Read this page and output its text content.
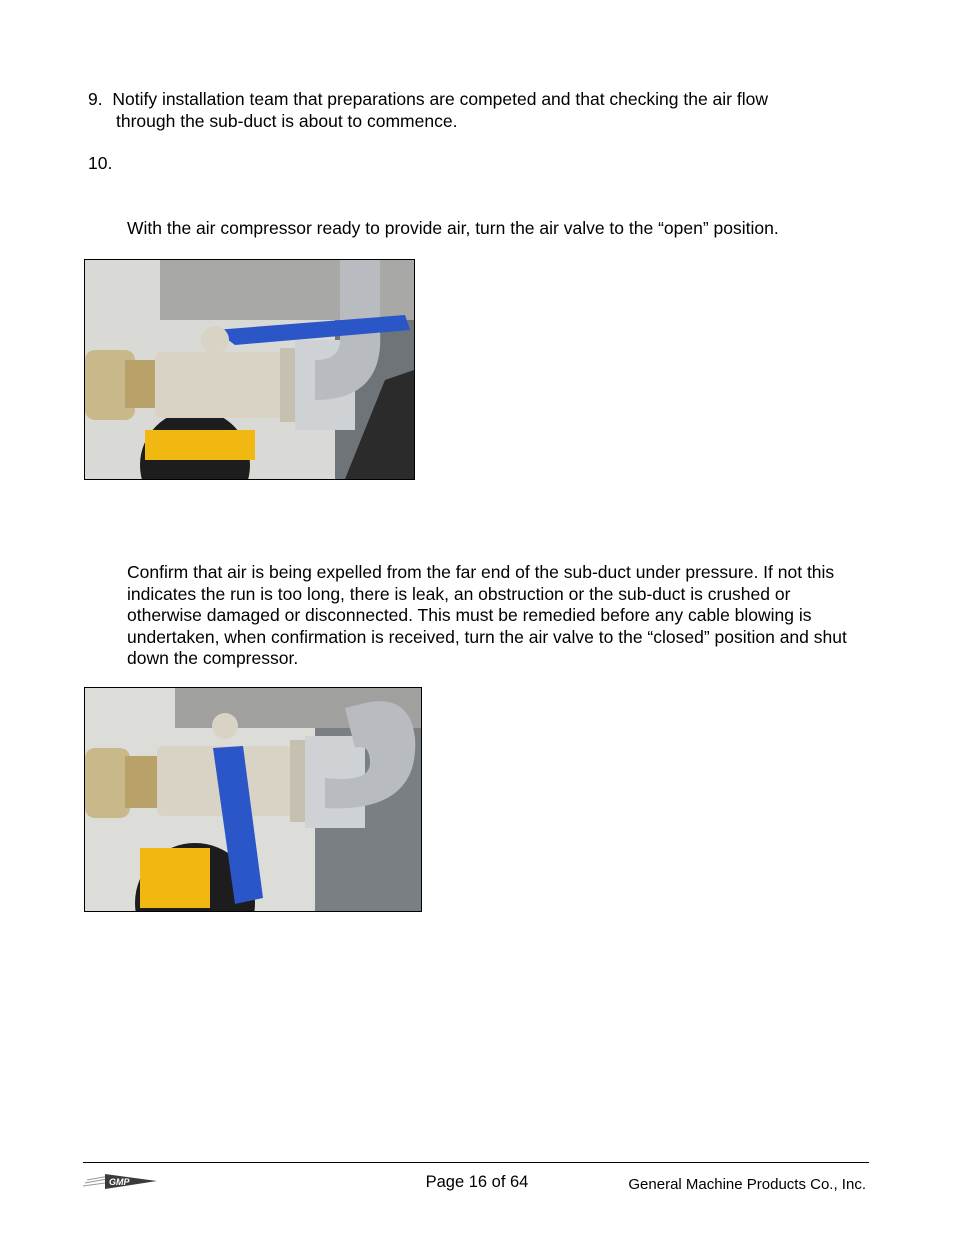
9. Notify installation team that preparations are competed and that checking the air flow
through the sub-duct is about to commence.
10.
With the air compressor ready to provide air, turn the air valve to the “open” position.
Confirm that air is being expelled from the far end of the sub-duct under pressure. If not this indicates the run is too long, there is leak, an obstruction or the sub-duct is crushed or otherwise damaged or disconnected. This must be remedied before any cable blowing is undertaken, when confirmation is received, turn the air valve to the “closed” position and shut down the compressor.
GMP	Page 16 of 64	General Machine Products Co., Inc.
